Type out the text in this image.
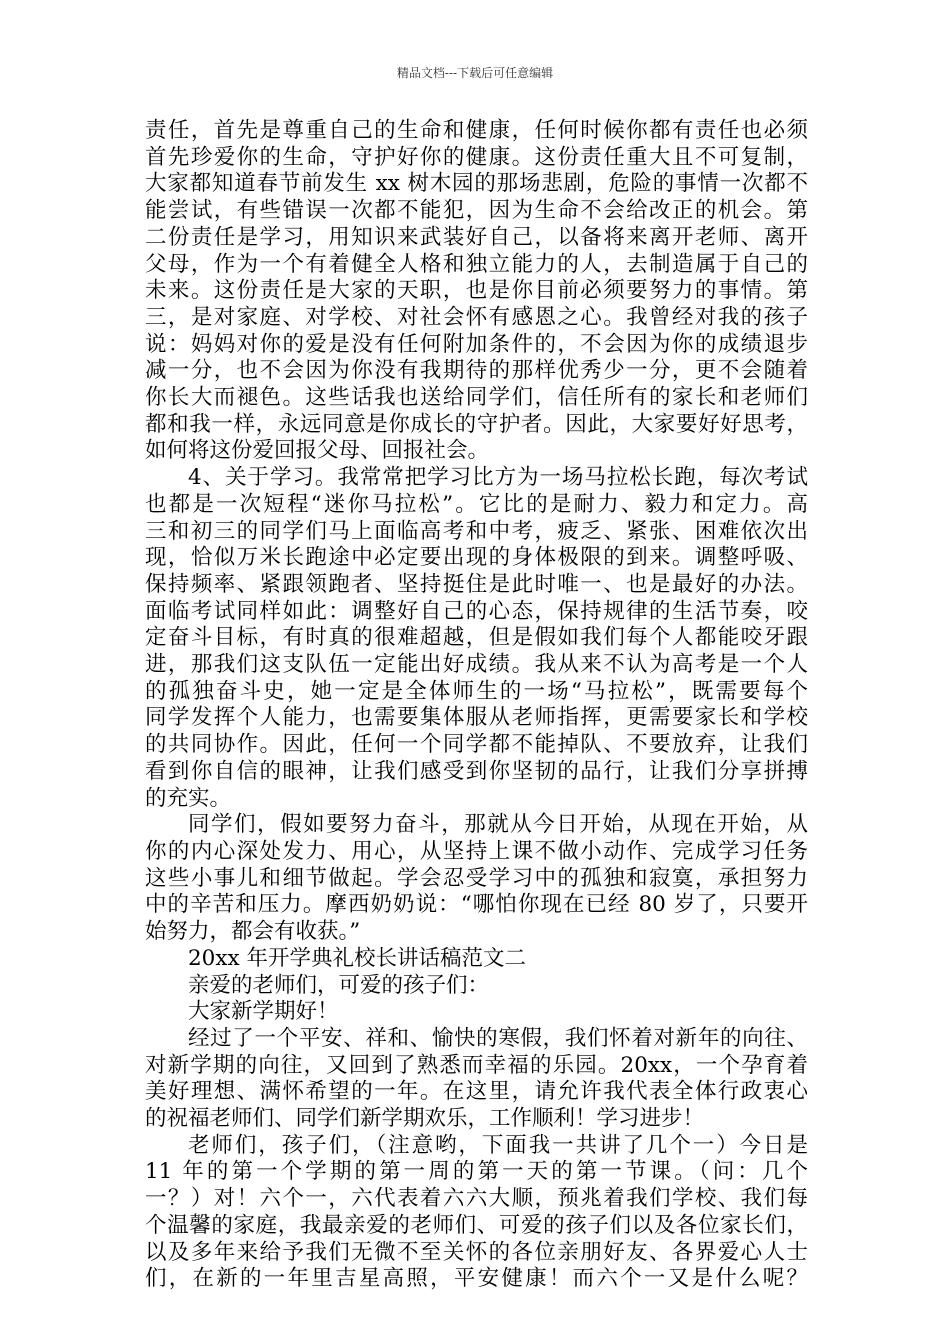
精品文档---下载后可任意编辑
责任，首先是尊重自己的生命和健康，任何时候你都有责任也必须
首先珍爱你的生命，守护好你的健康。这份责任重大且不可复制，
大家都知道春节前发生 xx 树木园的那场悲剧，危险的事情一次都不
能尝试，有些错误一次都不能犯，因为生命不会给改正的机会。第
二份责任是学习，用知识来武装好自己，以备将来离开老师、离开
父母，作为一个有着健全人格和独立能力的人，去制造属于自己的
未来。这份责任是大家的天职，也是你目前必须要努力的事情。第
三，是对家庭、对学校、对社会怀有感恩之心。我曾经对我的孩子
说：妈妈对你的爱是没有任何附加条件的，不会因为你的成绩退步
减一分，也不会因为你没有我期待的那样优秀少一分，更不会随着
你长大而褪色。这些话我也送给同学们，信任所有的家长和老师们
都和我一样，永远同意是你成长的守护者。因此，大家要好好思考，
如何将这份爱回报父母、回报社会。
4、关于学习。我常常把学习比方为一场马拉松长跑，每次考试
也都是一次短程“迷你马拉松”。它比的是耐力、毅力和定力。高
三和初三的同学们马上面临高考和中考，疲乏、紧张、困难依次出
现，恰似万米长跑途中必定要出现的身体极限的到来。调整呼吸、
保持频率、紧跟领跑者、坚持挺住是此时唯一、也是最好的办法。
面临考试同样如此：调整好自己的心态，保持规律的生活节奏，咬
定奋斗目标，有时真的很难超越，但是假如我们每个人都能咬牙跟
进，那我们这支队伍一定能出好成绩。我从来不认为高考是一个人
的孤独奋斗史，她一定是全体师生的一场“马拉松”，既需要每个
同学发挥个人能力，也需要集体服从老师指挥，更需要家长和学校
的共同协作。因此，任何一个同学都不能掉队、不要放弃，让我们
看到你自信的眼神，让我们感受到你坚韧的品行，让我们分享拼搏
的充实。
同学们，假如要努力奋斗，那就从今日开始，从现在开始，从
你的内心深处发力、用心，从坚持上课不做小动作、完成学习任务
这些小事儿和细节做起。学会忍受学习中的孤独和寂寞，承担努力
中的辛苦和压力。摩西奶奶说：“哪怕你现在已经 80 岁了，只要开
始努力，都会有收获。”
20xx 年开学典礼校长讲话稿范文二
亲爱的老师们，可爱的孩子们：
大家新学期好！
经过了一个平安、祥和、愉快的寒假，我们怀着对新年的向往、
对新学期的向往，又回到了熟悉而幸福的乐园。20xx，一个孕育着
美好理想、满怀希望的一年。在这里，请允许我代表全体行政衷心
的祝福老师们、同学们新学期欢乐，工作顺利！学习进步！
老师们，孩子们，（注意哟，下面我一共讲了几个一）今日是
11 年的第一个学期的第一周的第一天的第一节课。（问：几个
一？）对！六个一，六代表着六六大顺，预兆着我们学校、我们每
个温馨的家庭，我最亲爱的老师们、可爱的孩子们以及各位家长们，
以及多年来给予我们无微不至关怀的各位亲朋好友、各界爱心人士
们，在新的一年里吉星高照，平安健康！而六个一又是什么呢？
